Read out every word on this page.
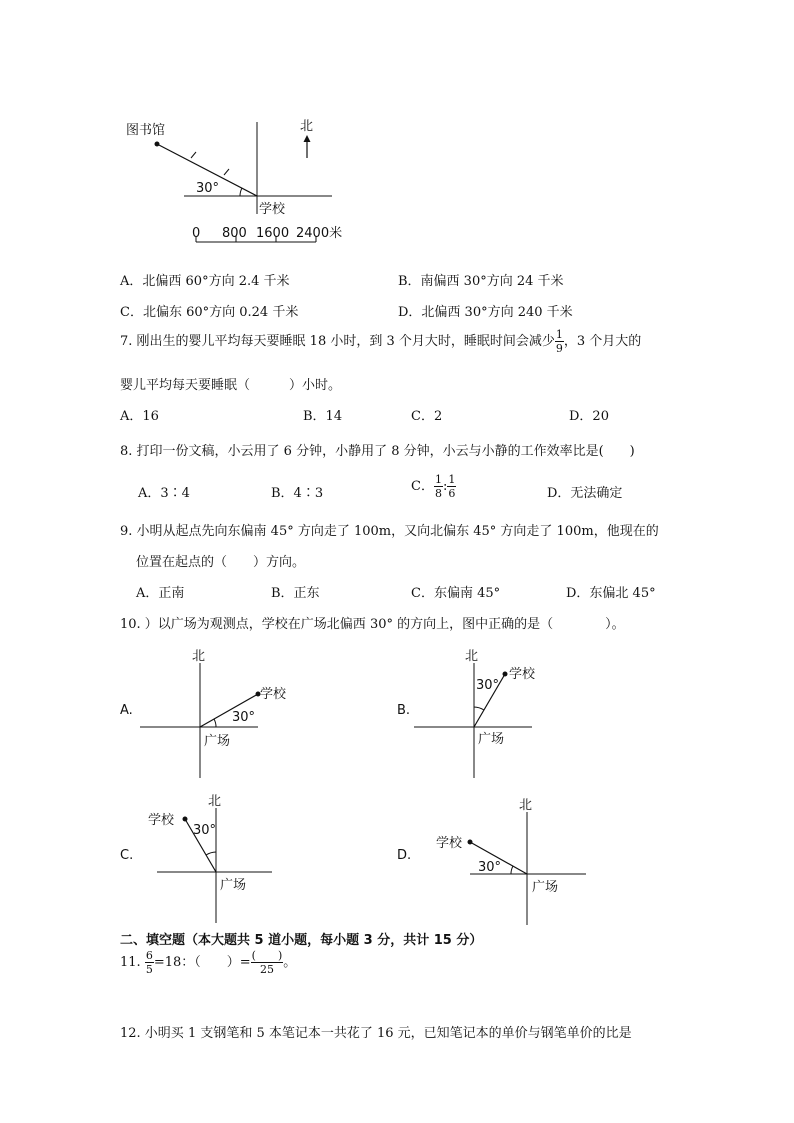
图书馆
30°
学校
北
0 800 1600 2400米
A．北偏西 60°方向 2.4 千米	B．南偏西 30°方向 24 千米
C．北偏东 60°方向 0.24 千米	D．北偏西 30°方向 240 千米
7. 刚出生的婴儿平均每天要睡眠 18 小时，到 3 个月大时，睡眠时间会减少 $\frac{1}{9}$ ，3 个月大的
婴儿平均每天要睡眠（　　　）小时。
A．16	B．14	C．2	D．20
8. 打印一份文稿，小云用了 6 分钟，小静用了 8 分钟，小云与小静的工作效率比是(　　)
A．3∶4	B．4∶3	C． $\frac{1}{8}$ : $\frac{1}{6}$	D．无法确定
9. 小明从起点先向东偏南 45° 方向走了 100m，又向北偏东 45° 方向走了 100m，他现在的
位置在起点的（　　）方向。
A．正南	B．正东	C．东偏南 45°	D．东偏北 45°
10. ）以广场为观测点，学校在广场北偏西 30° 的方向上，图中正确的是（　　　　）。
A.
北
学校
30°
广场
B.
北
学校
30°
广场
C.
北
学校
30°
广场
D.
北
学校
30°
广场
二、填空题（本大题共 5 道小题，每小题 3 分，共计 15 分）
11. $\frac{6}{5} =18$：（　　）= $\frac{( )}{25}$ 。
12. 小明买 1 支钢笔和 5 本笔记本一共花了 16 元，已知笔记本的单价与钢笔单价的比是
